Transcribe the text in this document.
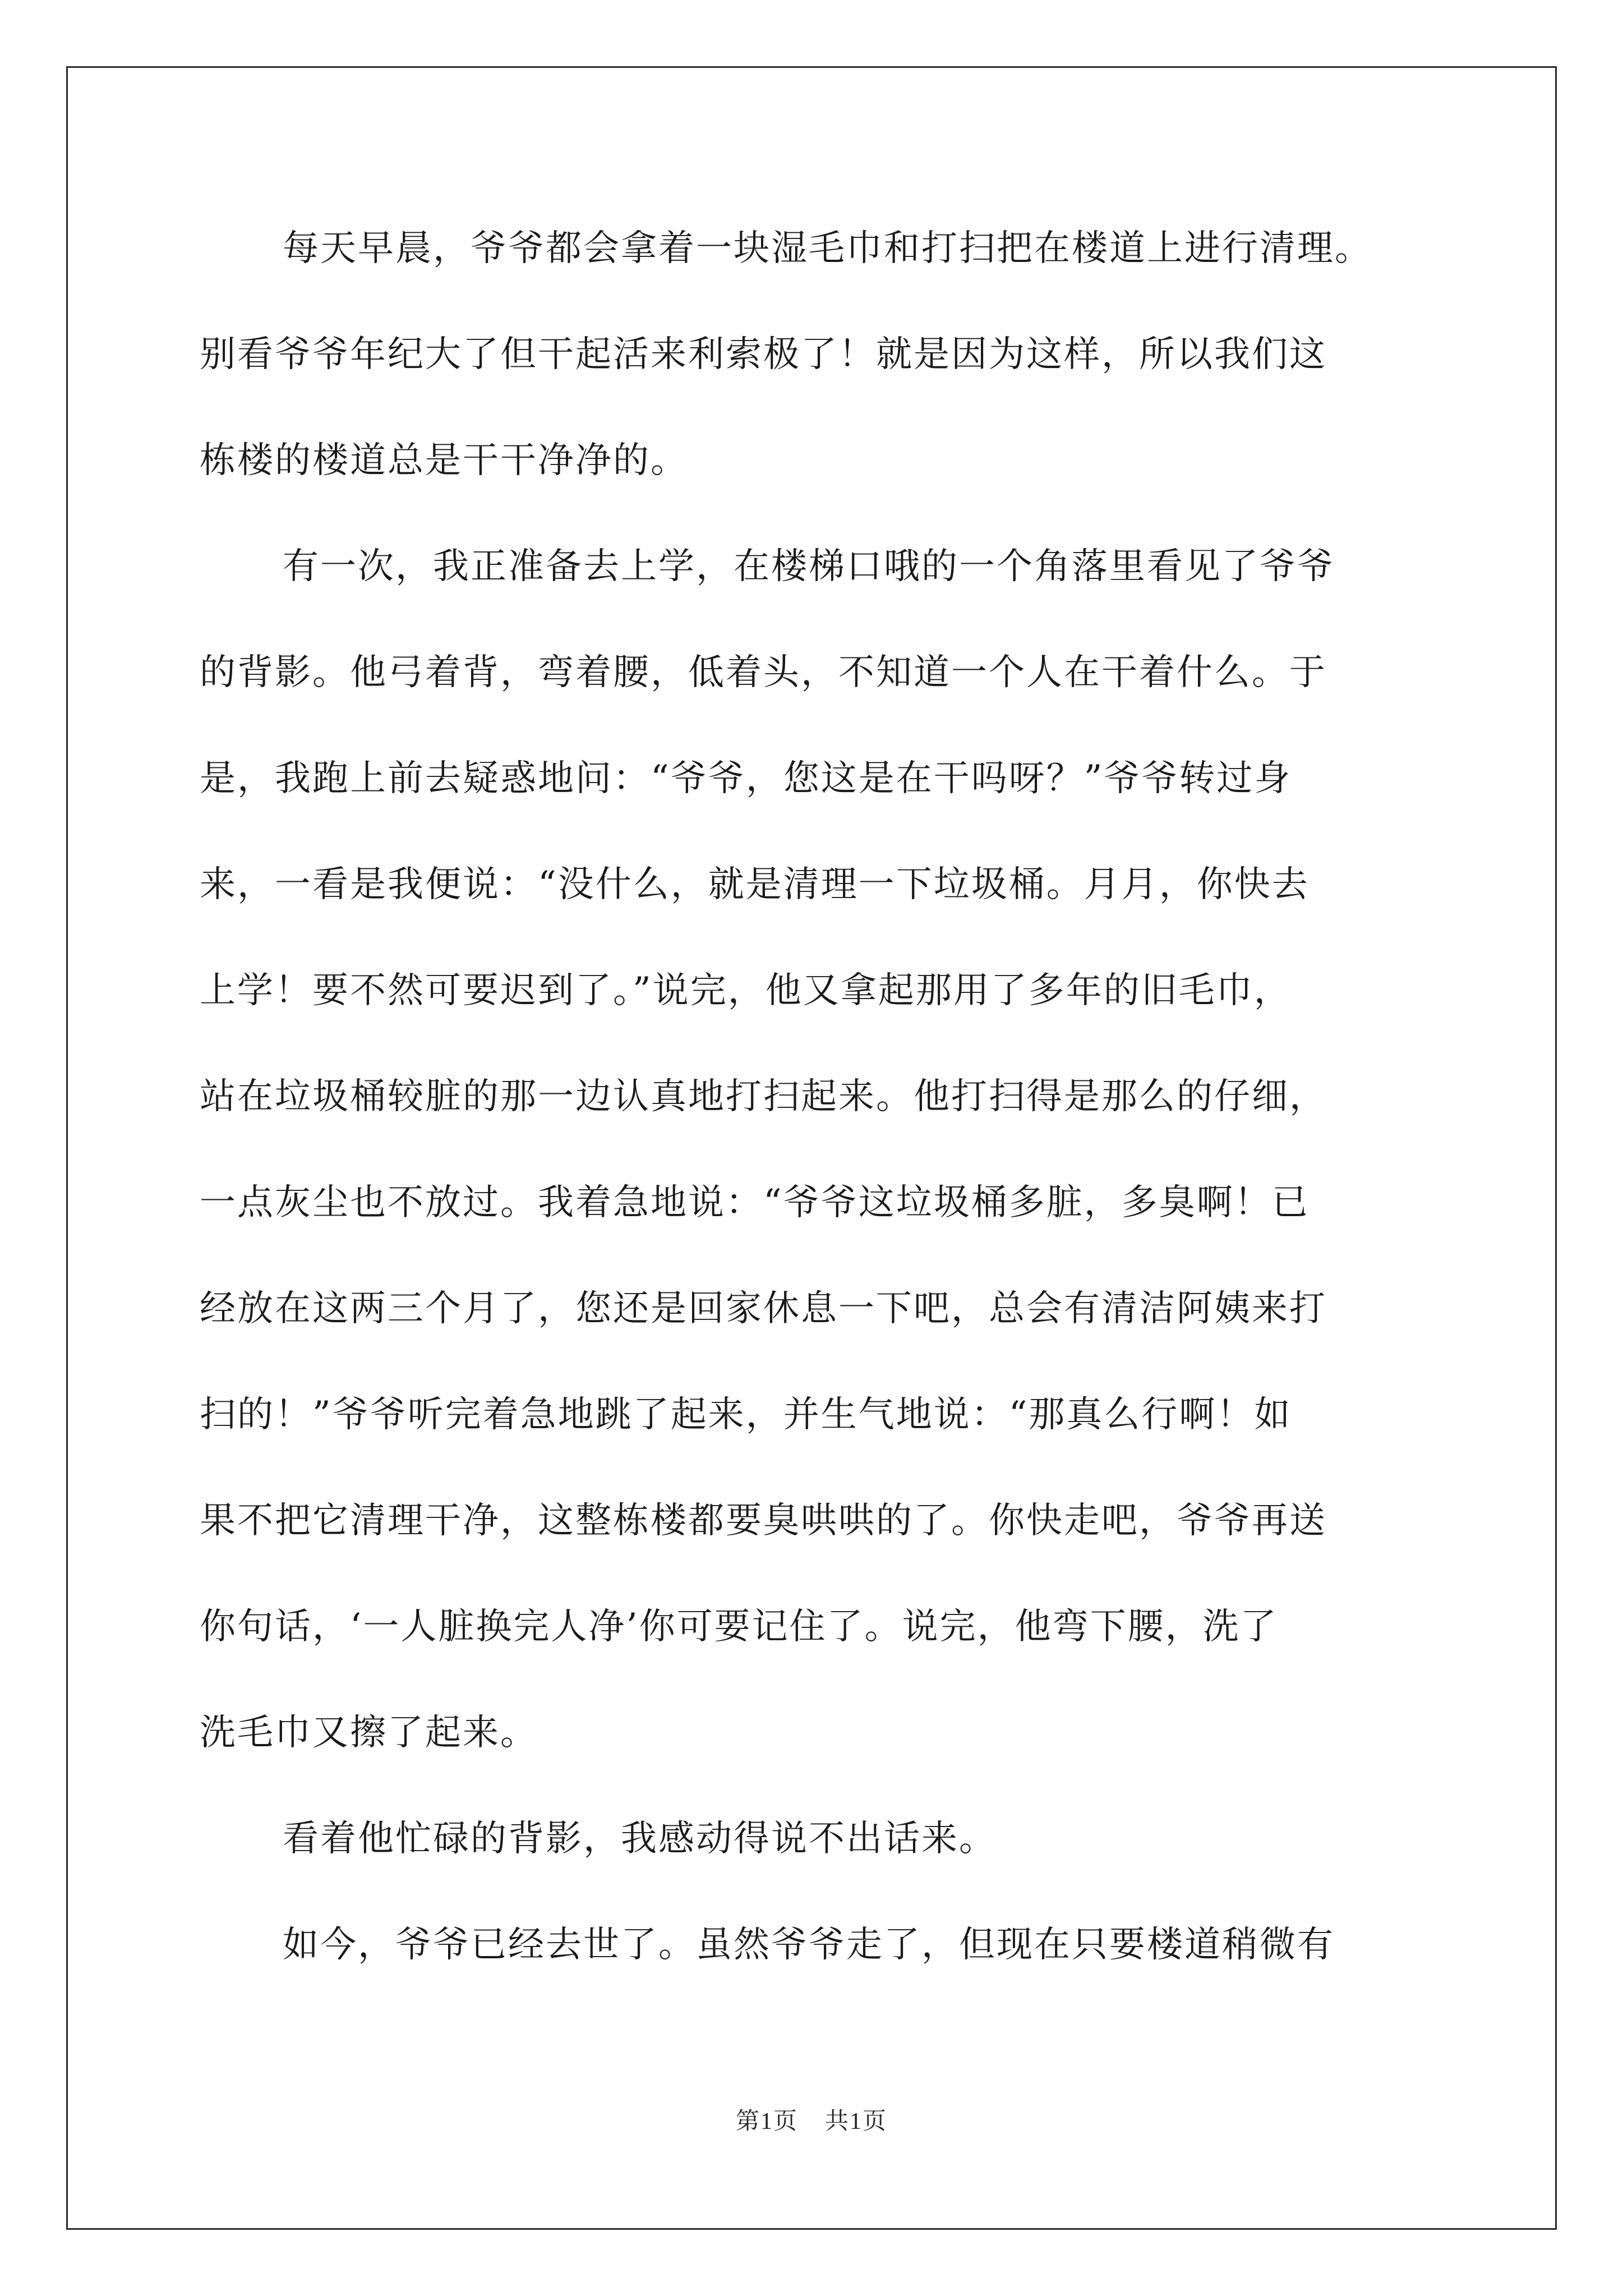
每天早晨，爷爷都会拿着一块湿毛巾和打扫把在楼道上进行清理。
别看爷爷年纪大了但干起活来利索极了！就是因为这样，所以我们这
栋楼的楼道总是干干净净的。
有一次，我正准备去上学，在楼梯口哦的一个角落里看见了爷爷
的背影。他弓着背，弯着腰，低着头，不知道一个人在干着什么。于
是，我跑上前去疑惑地问：“爷爷，您这是在干吗呀？”爷爷转过身
来，一看是我便说：“没什么，就是清理一下垃圾桶。月月，你快去
上学！要不然可要迟到了。”说完，他又拿起那用了多年的旧毛巾，
站在垃圾桶较脏的那一边认真地打扫起来。他打扫得是那么的仔细，
一点灰尘也不放过。我着急地说：“爷爷这垃圾桶多脏，多臭啊！已
经放在这两三个月了，您还是回家休息一下吧，总会有清洁阿姨来打
扫的！”爷爷听完着急地跳了起来，并生气地说：“那真么行啊！如
果不把它清理干净，这整栋楼都要臭哄哄的了。你快走吧，爷爷再送
你句话，‘一人脏换完人净’你可要记住了。说完，他弯下腰，洗了
洗毛巾又擦了起来。
看着他忙碌的背影，我感动得说不出话来。
如今，爷爷已经去世了。虽然爷爷走了，但现在只要楼道稍微有
第1页 共1页
